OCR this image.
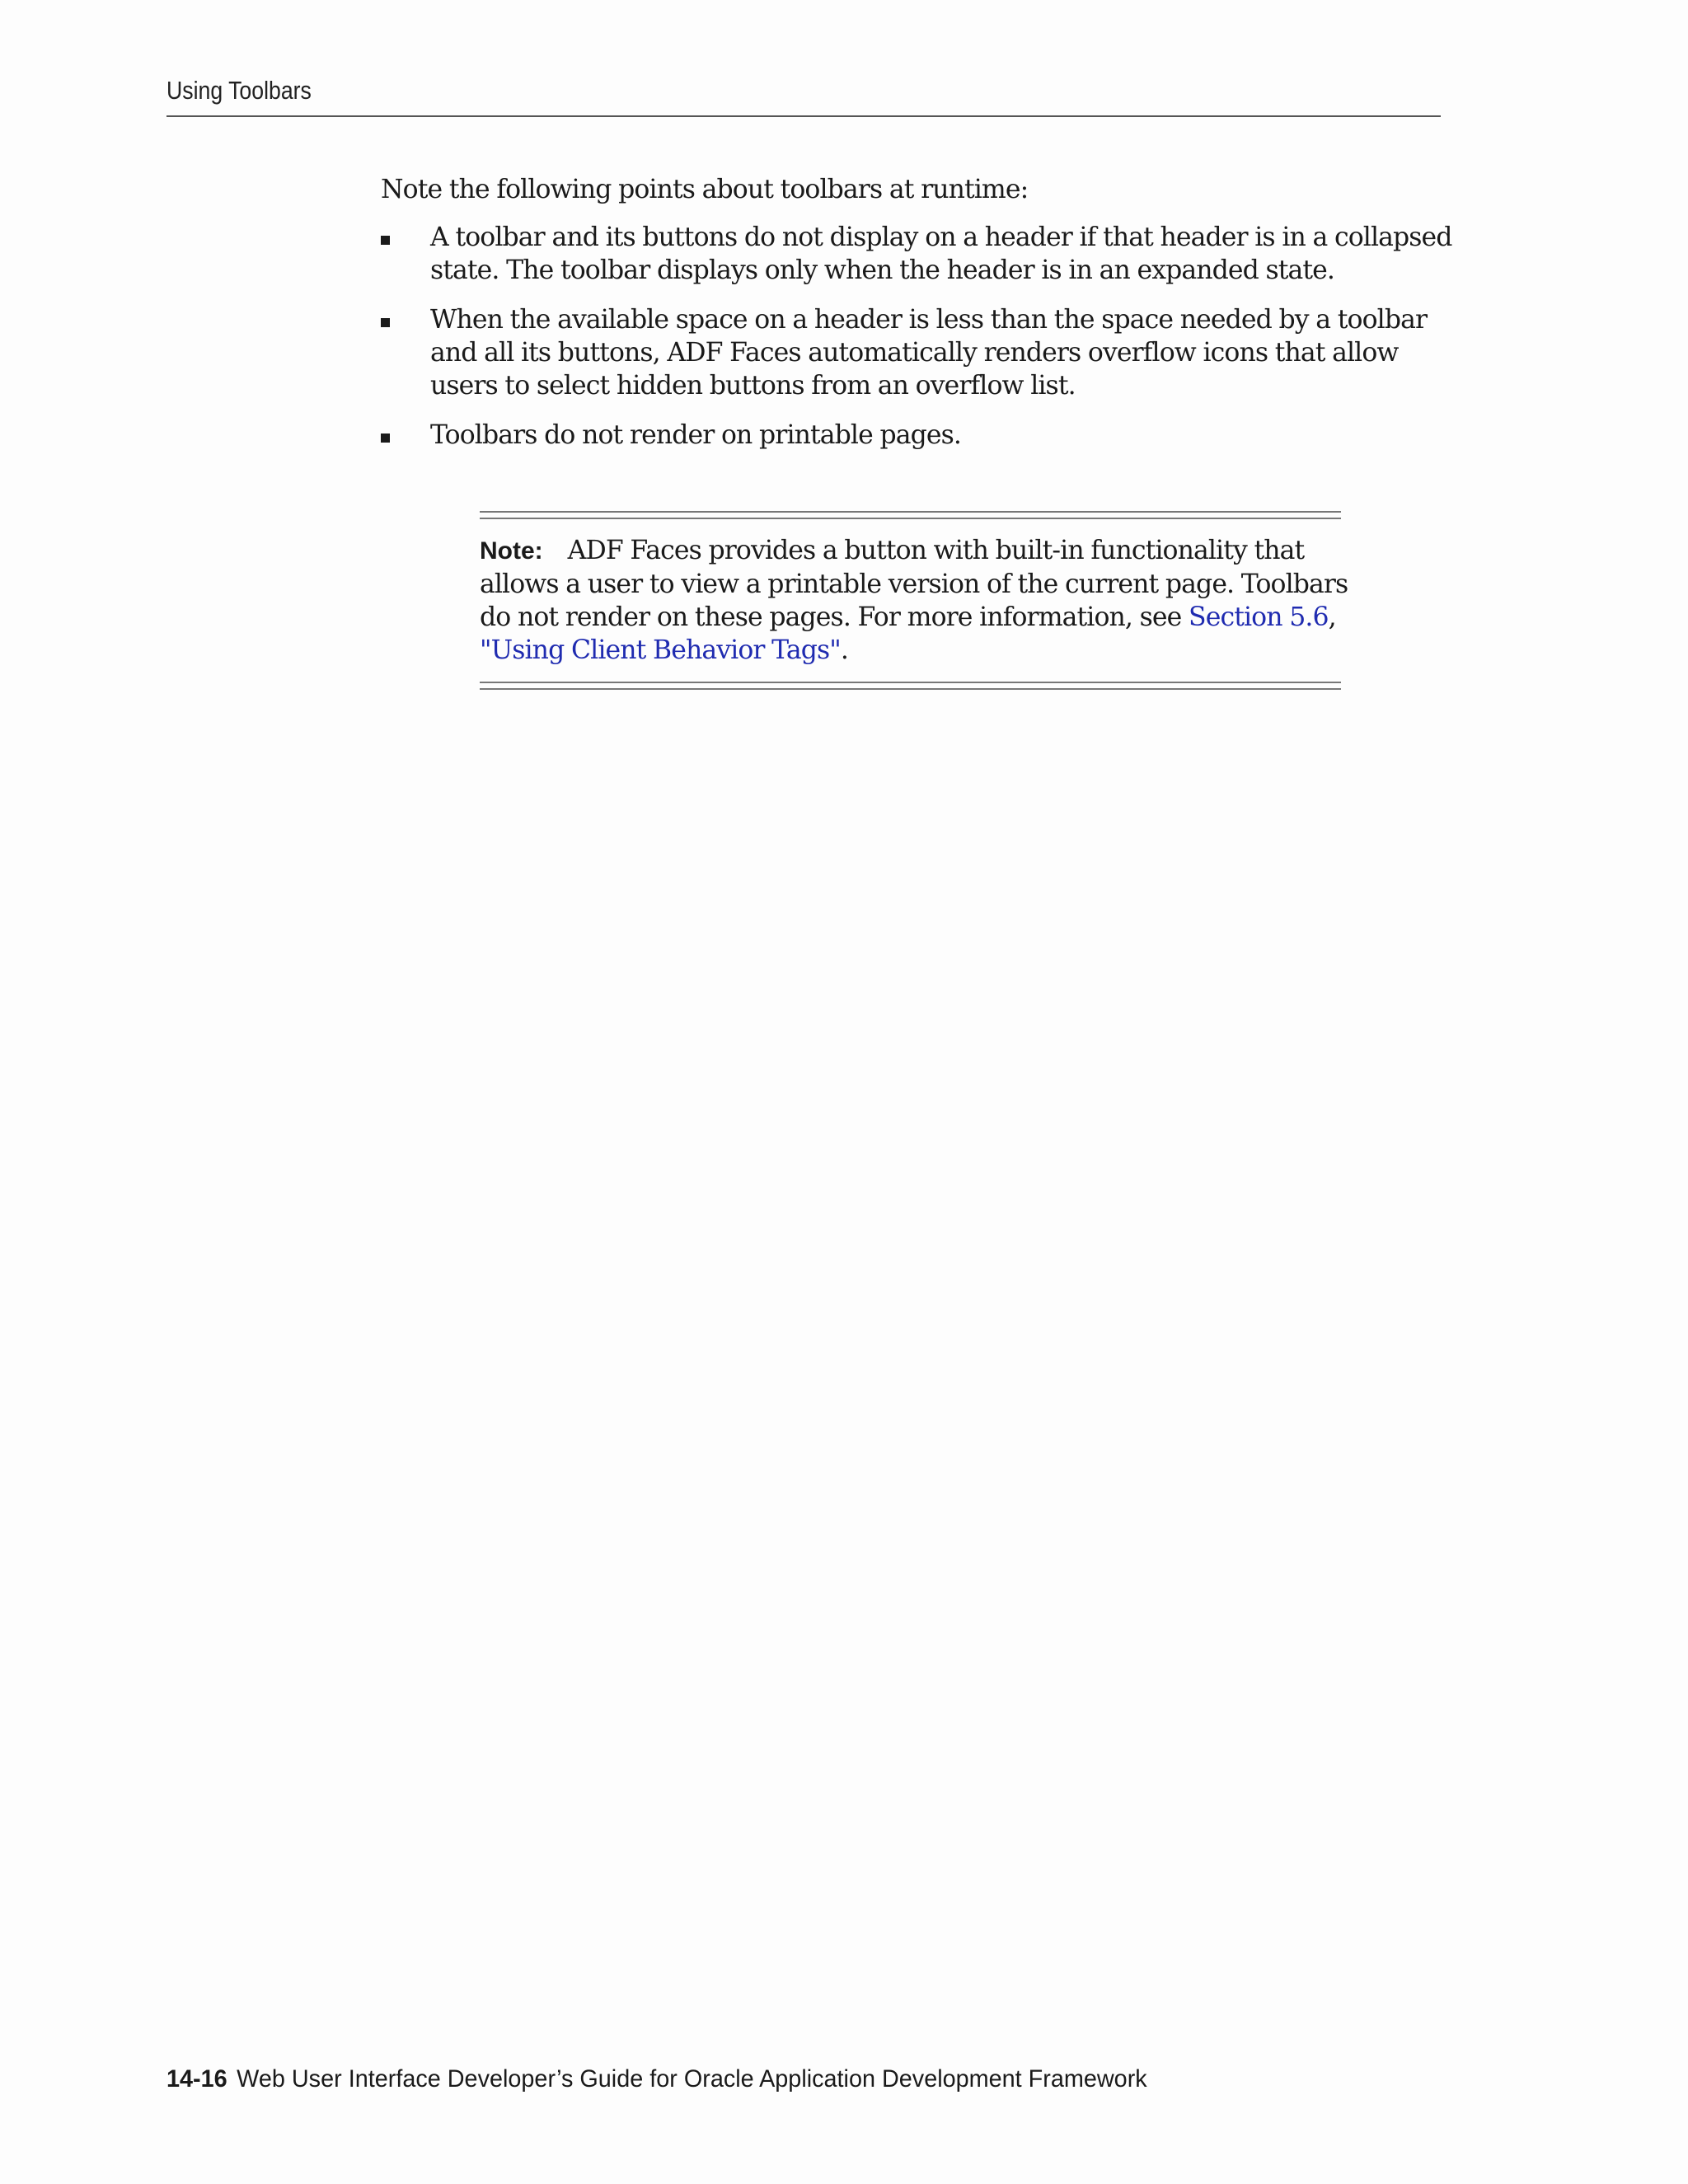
Using Toolbars

Note the following points about toolbars at runtime:

A toolbar and its buttons do not display on a header if that header is in a collapsed
state. The toolbar displays only when the header is in an expanded state.
When the available space on a header is less than the space needed by a toolbar
and all its buttons, ADF Faces automatically renders overflow icons that allow
users to select hidden buttons from an overflow list.
Toolbars do not render on printable pages.
Note: ADF Faces provides a button with built-in functionality that
allows a user to view a printable version of the current page. Toolbars
do not render on these pages. For more information, see Section 5.6,
"Using Client Behavior Tags".
14-16 Web User Interface Developer’s Guide for Oracle Application Development Framework
